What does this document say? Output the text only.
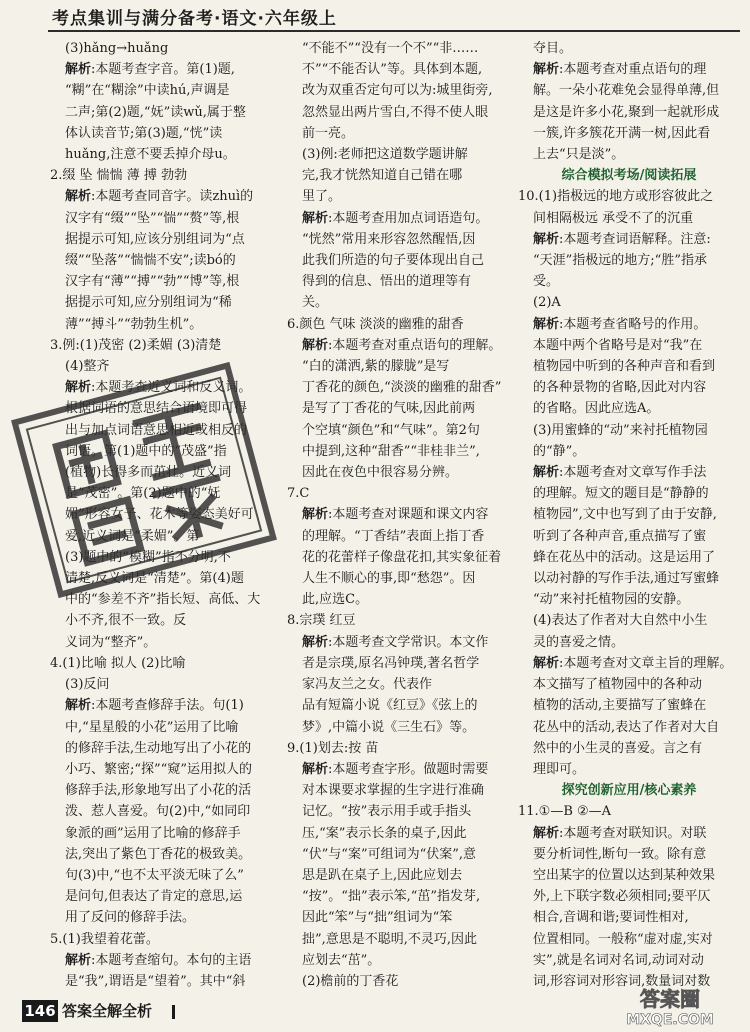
考点集训与满分备考·语文·六年级上
(3)hǎng→huǎng
解析:本题考查字音。第(1)题,
“糊”在“糊涂”中读hú,声调是
二声;第(2)题,“妩”读wǔ,属于整
体认读音节;第(3)题,“恍”读
huǎng,注意不要丢掉介母u。
2.缀 坠 惴惴 薄 搏 勃勃
解析:本题考查同音字。读zhuì的
汉字有“缀”“坠”“惴”“赘”等,根
据提示可知,应该分别组词为“点
缀”“坠落”“惴惴不安”;读bó的
汉字有“薄”“搏”“勃”“博”等,根
据提示可知,应分别组词为“稀
薄”“搏斗”“勃勃生机”。
3.例:(1)茂密 (2)柔媚 (3)清楚
(4)整齐
解析:本题考查近义词和反义词。
根据词语的意思结合语境即可得
出与加点词语意思相近或相反的
词语。第(1)题中的“茂盛”指
(植物)长得多而茁壮。近义词
是“茂密”。第(2)题中的“妩
媚”形容女子、花木等姿态美好可
爱,近义词是“柔媚”。第
(3)题中的“模糊”指不分明,不
清楚,反义词是“清楚”。第(4)题
中的“参差不齐”指长短、高低、大
小不齐,很不一致。反
义词为“整齐”。
4.(1)比喻 拟人 (2)比喻
(3)反问
解析:本题考查修辞手法。句(1)
中,“星星般的小花”运用了比喻
的修辞手法,生动地写出了小花的
小巧、繁密;“探”“窥”运用拟人的
修辞手法,形象地写出了小花的活
泼、惹人喜爱。句(2)中,“如同印
象派的画”运用了比喻的修辞手
法,突出了紫色丁香花的极致美。
句(3)中,“也不太平淡无味了么”
是问句,但表达了肯定的意思,运
用了反问的修辞手法。
5.(1)我望着花蕾。
解析:本题考查缩句。本句的主语
是“我”,谓语是“望着”。其中“斜
“不能不”“没有一个不”“非……
不”“不能否认”等。具体到本题,
改为双重否定句可以为:城里街旁,
忽然显出两片雪白,不得不使人眼
前一亮。
(3)例:老师把这道数学题讲解
完,我才恍然知道自己错在哪
里了。
解析:本题考查用加点词语造句。
“恍然”常用来形容忽然醒悟,因
此我们所造的句子要体现出自己
得到的信息、悟出的道理等有
关。
6.颜色 气味 淡淡的幽雅的甜香
解析:本题考查对重点语句的理解。
“白的潇洒,紫的朦胧”是写
丁香花的颜色,“淡淡的幽雅的甜香”
是写了丁香花的气味,因此前两
个空填“颜色”和“气味”。第2句
中提到,这种“甜香”“非桂非兰”,
因此在夜色中很容易分辨。
7.C
解析:本题考查对课题和课文内容
的理解。“丁香结”表面上指丁香
花的花蕾样子像盘花扣,其实象征着
人生不顺心的事,即“愁怨”。因
此,应选C。
8.宗璞 红豆
解析:本题考查文学常识。本文作
者是宗璞,原名冯钟璞,著名哲学
家冯友兰之女。代表作
品有短篇小说《红豆》《弦上的
梦》,中篇小说《三生石》等。
9.(1)划去:按 苗
解析:本题考查字形。做题时需要
对本课要求掌握的生字进行准确
记忆。“按”表示用手或手指头
压,“案”表示长条的桌子,因此
“伏”与“案”可组词为“伏案”,意
思是趴在桌子上,因此应划去
“按”。“拙”表示笨,“茁”指发芽,
因此“笨”与“拙”组词为“笨
拙”,意思是不聪明,不灵巧,因此
应划去“茁”。
(2)檐前的丁香花
夺目。
解析:本题考查对重点语句的理
解。一朵小花难免会显得单薄,但
是这是许多小花,聚到一起就形成
一簇,许多簇花开满一树,因此看
上去“只是淡”。
综合模拟考场/阅读拓展
10.(1)指极远的地方或形容彼此之
间相隔极远 承受不了的沉重
解析:本题考查词语解释。注意:
“天涯”指极远的地方;“胜”指承
受。
(2)A
解析:本题考查省略号的作用。
本题中两个省略号是对“我”在
植物园中听到的各种声音和看到
的各种景物的省略,因此对内容
的省略。因此应选A。
(3)用蜜蜂的“动”来衬托植物园
的“静”。
解析:本题考查对文章写作手法
的理解。短文的题目是“静静的
植物园”,文中也写到了由于安静,
听到了各种声音,重点描写了蜜
蜂在花丛中的活动。这是运用了
以动衬静的写作手法,通过写蜜蜂
“动”来衬托植物园的安静。
(4)表达了作者对大自然中小生
灵的喜爱之情。
解析:本题考查对文章主旨的理解。
本文描写了植物园中的各种动
植物的活动,主要描写了蜜蜂在
花丛中的活动,表达了作者对大自
然中的小生灵的喜爱。言之有
理即可。
探究创新应用/核心素养
11.①—B ②—A
解析:本题考查对联知识。对联
要分析词性,断句一致。除有意
空出某字的位置以达到某种效果
外,上下联字数必须相同;要平仄
相合,音调和谐;要词性相对,
位置相同。一般称“虚对虚,实对
实”,就是名词对名词,动词对动
词,形容词对形容词,数量词对数
146 答案全解全析	答案圈
MXQE.COM
